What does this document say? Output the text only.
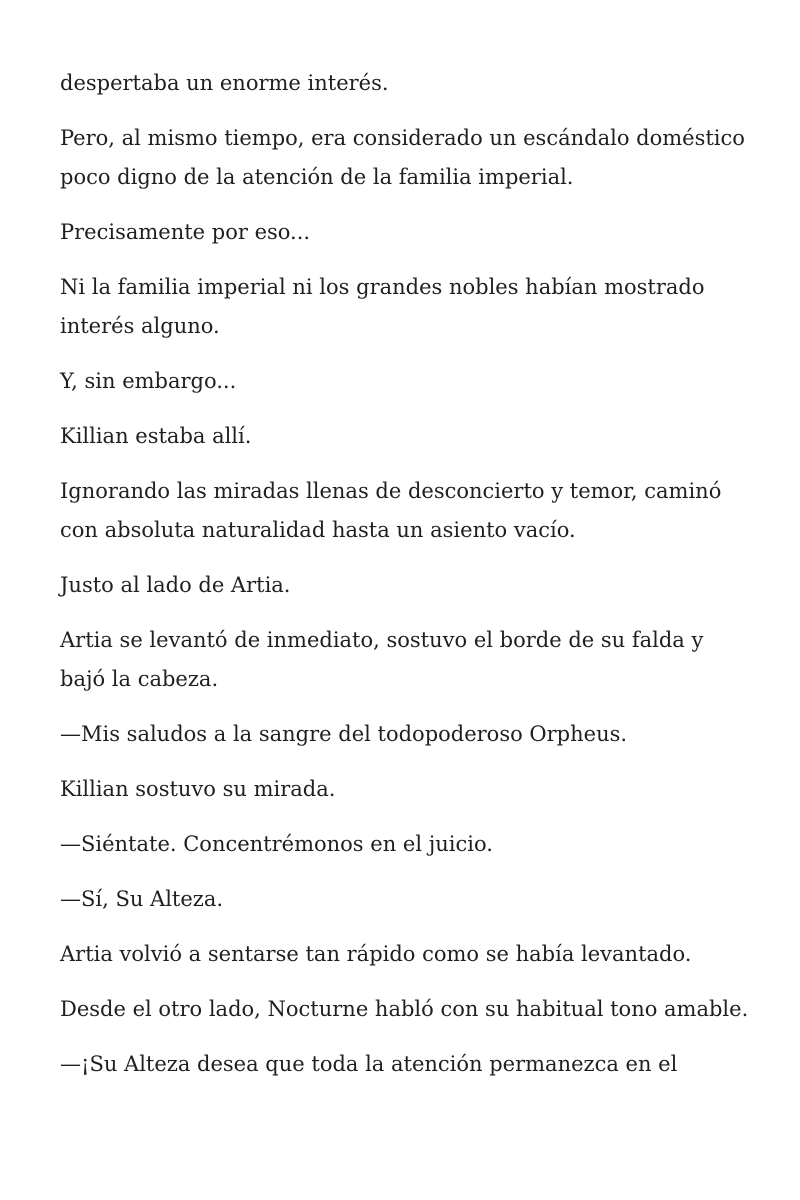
despertaba un enorme interés.

Pero, al mismo tiempo, era considerado un escándalo doméstico poco digno de la atención de la familia imperial.

Precisamente por eso...

Ni la familia imperial ni los grandes nobles habían mostrado interés alguno.

Y, sin embargo...

Killian estaba allí.

Ignorando las miradas llenas de desconcierto y temor, caminó con absoluta naturalidad hasta un asiento vacío.

Justo al lado de Artia.

Artia se levantó de inmediato, sostuvo el borde de su falda y bajó la cabeza.

—Mis saludos a la sangre del todopoderoso Orpheus.

Killian sostuvo su mirada.

—Siéntate. Concentrémonos en el juicio.

—Sí, Su Alteza.

Artia volvió a sentarse tan rápido como se había levantado.

Desde el otro lado, Nocturne habló con su habitual tono amable.

—¡Su Alteza desea que toda la atención permanezca en el
